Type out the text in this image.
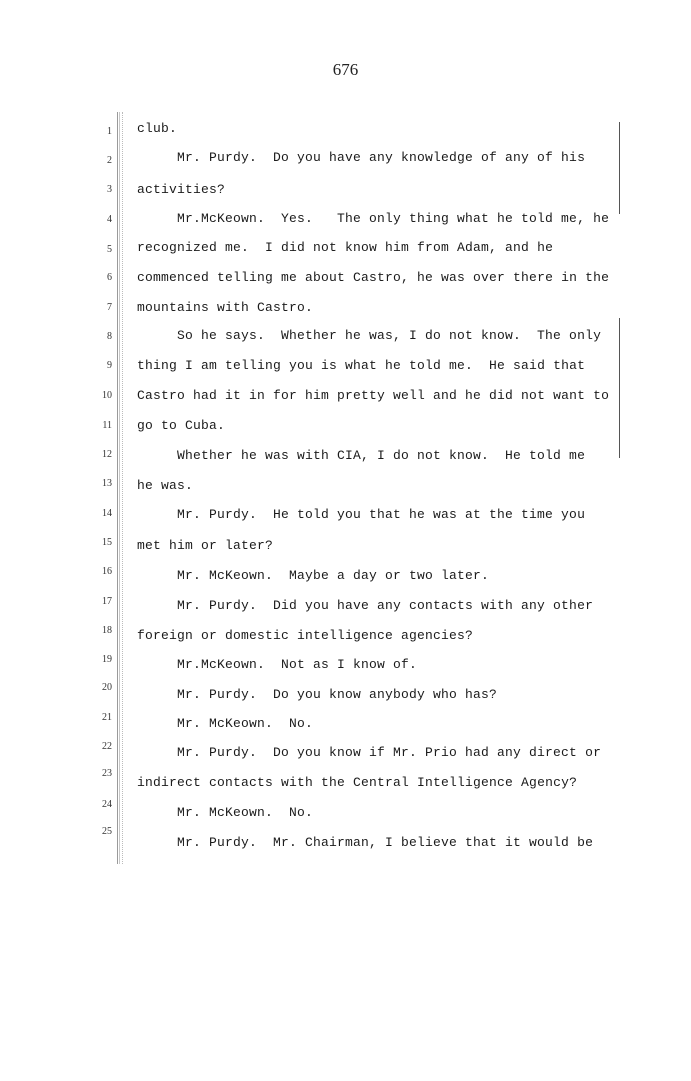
676
1
2
3
4
5
6
7
8
9
10
11
12
13
14
15
16
17
18
19
20
21
22
23
24
25
club.
Mr. Purdy.  Do you have any knowledge of any of his
activities?
Mr.McKeown.  Yes.   The only thing what he told me, he
recognized me.  I did not know him from Adam, and he
commenced telling me about Castro, he was over there in the
mountains with Castro.
So he says.  Whether he was, I do not know.  The only
thing I am telling you is what he told me.  He said that
Castro had it in for him pretty well and he did not want to
go to Cuba.
Whether he was with CIA, I do not know.  He told me
he was.
Mr. Purdy.  He told you that he was at the time you
met him or later?
Mr. McKeown.  Maybe a day or two later.
Mr. Purdy.  Did you have any contacts with any other
foreign or domestic intelligence agencies?
Mr.McKeown.  Not as I know of.
Mr. Purdy.  Do you know anybody who has?
Mr. McKeown.  No.
Mr. Purdy.  Do you know if Mr. Prio had any direct or
indirect contacts with the Central Intelligence Agency?
Mr. McKeown.  No.
Mr. Purdy.  Mr. Chairman, I believe that it would be
